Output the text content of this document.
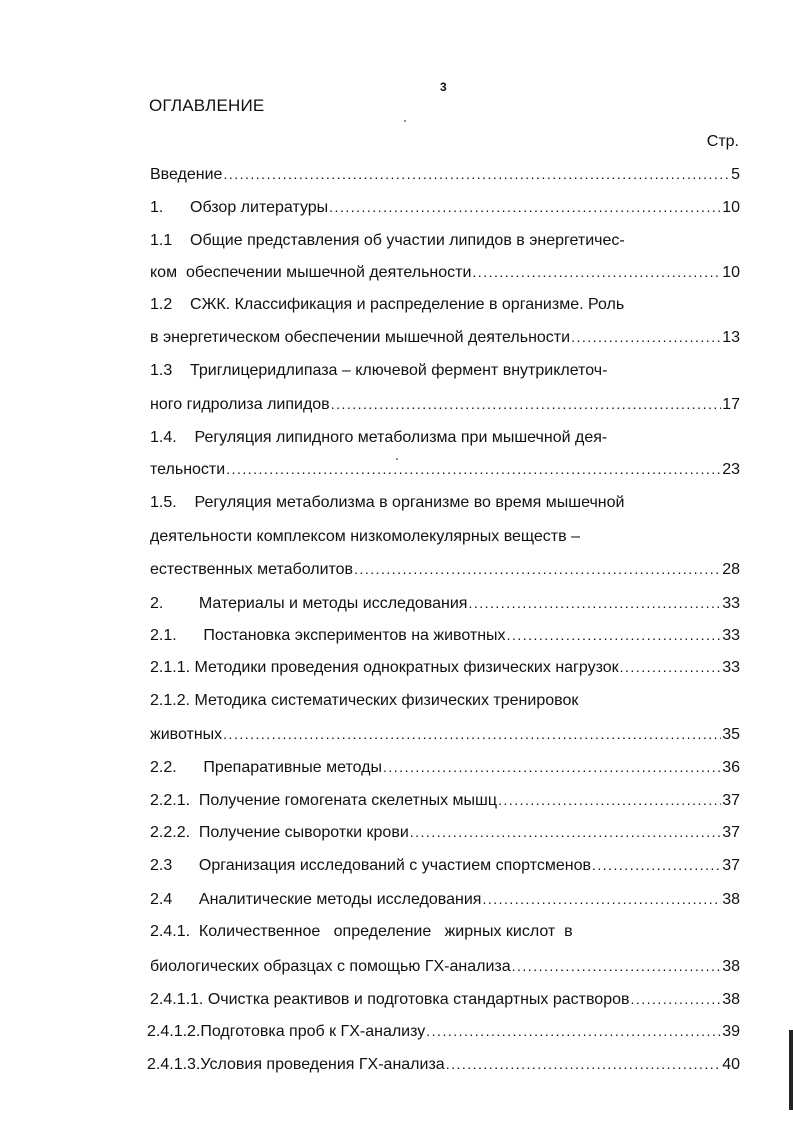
3
ОГЛАВЛЕНИЕ
Стр.
Введение .....	5
1.      Обзор литературы .....	10
1.1    Общие представления об участии липидов в энергетичес-
ком  обеспечении мышечной деятельности .....	10
1.2    СЖК. Классификация и распределение в организме. Роль
в энергетическом обеспечении мышечной деятельности .....	13
1.3    Триглицеридлипаза – ключевой фермент внутриклеточ-
ного гидролиза липидов .....	17
1.4.    Регуляция липидного метаболизма при мышечной дея-
тельности .....	23
1.5.    Регуляция метаболизма в организме во время мышечной
деятельности комплексом низкомолекулярных веществ –
естественных метаболитов .....	28
2.        Материалы и методы исследования .....	33
2.1.      Постановка экспериментов на животных .....	33
2.1.1. Методики проведения однократных физических нагрузок .....	33
2.1.2. Методика систематических физических тренировок
животных .....	35
2.2.      Препаративные методы .....	36
2.2.1.  Получение гомогената скелетных мышц .....	37
2.2.2.  Получение сыворотки крови .....	37
2.3      Организация исследований с участием спортсменов .....	37
2.4      Аналитические методы исследования .....	38
2.4.1.  Количественное   определение   жирных кислот  в
биологических образцах с помощью ГХ-анализа .....	38
2.4.1.1. Очистка реактивов и подготовка стандартных растворов .....	38
2.4.1.2.Подготовка проб к ГХ-анализу .....	39
2.4.1.3.Условия проведения ГХ-анализа .....	40
